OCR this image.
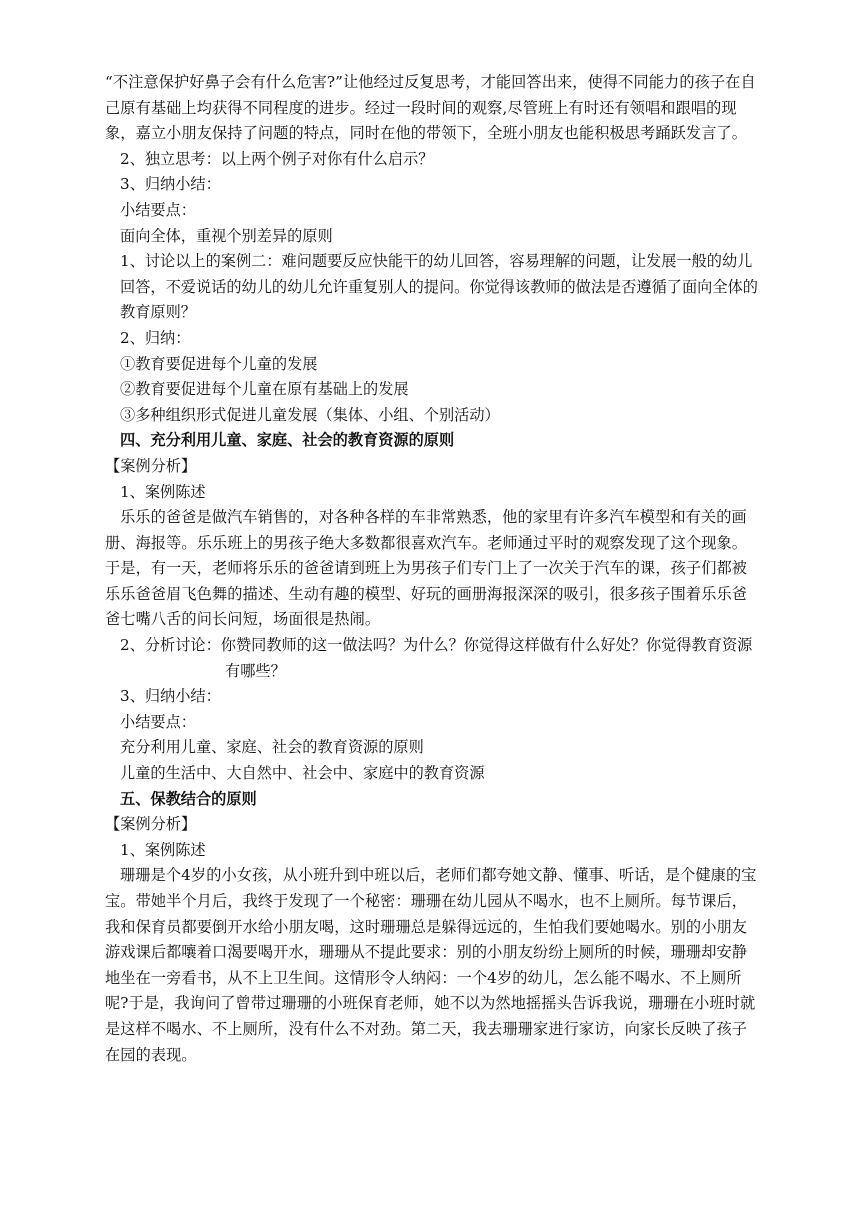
“不注意保护好鼻子会有什么危害?”让他经过反复思考，才能回答出来，使得不同能力的孩子在自己原有基础上均获得不同程度的进步。经过一段时间的观察,尽管班上有时还有领唱和跟唱的现象，嘉立小朋友保持了问题的特点，同时在他的带领下，全班小朋友也能积极思考踊跃发言了。

2、独立思考：以上两个例子对你有什么启示？

3、归纳小结：

小结要点：

面向全体，重视个别差异的原则

1、讨论以上的案例二：难问题要反应快能干的幼儿回答，容易理解的问题，让发展一般的幼儿回答，不爱说话的幼儿的幼儿允许重复别人的提问。你觉得该教师的做法是否遵循了面向全体的教育原则？

2、归纳：

①教育要促进每个儿童的发展

②教育要促进每个儿童在原有基础上的发展

③多种组织形式促进儿童发展（集体、小组、个别活动）

四、充分利用儿童、家庭、社会的教育资源的原则

【案例分析】

1、案例陈述

乐乐的爸爸是做汽车销售的，对各种各样的车非常熟悉，他的家里有许多汽车模型和有关的画册、海报等。乐乐班上的男孩子绝大多数都很喜欢汽车。老师通过平时的观察发现了这个现象。于是，有一天，老师将乐乐的爸爸请到班上为男孩子们专门上了一次关于汽车的课，孩子们都被乐乐爸爸眉飞色舞的描述、生动有趣的模型、好玩的画册海报深深的吸引，很多孩子围着乐乐爸爸七嘴八舌的问长问短，场面很是热闹。

2、分析讨论：你赞同教师的这一做法吗？为什么？你觉得这样做有什么好处？你觉得教育资源

有哪些？

3、归纳小结：

小结要点：

充分利用儿童、家庭、社会的教育资源的原则

儿童的生活中、大自然中、社会中、家庭中的教育资源

五、保教结合的原则

【案例分析】

1、案例陈述

珊珊是个4岁的小女孩，从小班升到中班以后，老师们都夸她文静、懂事、听话，是个健康的宝宝。带她半个月后，我终于发现了一个秘密：珊珊在幼儿园从不喝水，也不上厕所。每节课后，我和保育员都要倒开水给小朋友喝，这时珊珊总是躲得远远的，生怕我们要她喝水。别的小朋友游戏课后都嚷着口渴要喝开水，珊珊从不提此要求：别的小朋友纷纷上厕所的时候，珊珊却安静地坐在一旁看书，从不上卫生间。这情形令人纳闷：一个4岁的幼儿，怎么能不喝水、不上厕所呢?于是，我询问了曾带过珊珊的小班保育老师，她不以为然地摇摇头告诉我说，珊珊在小班时就是这样不喝水、不上厕所，没有什么不对劲。第二天，我去珊珊家进行家访，向家长反映了孩子在园的表现。
